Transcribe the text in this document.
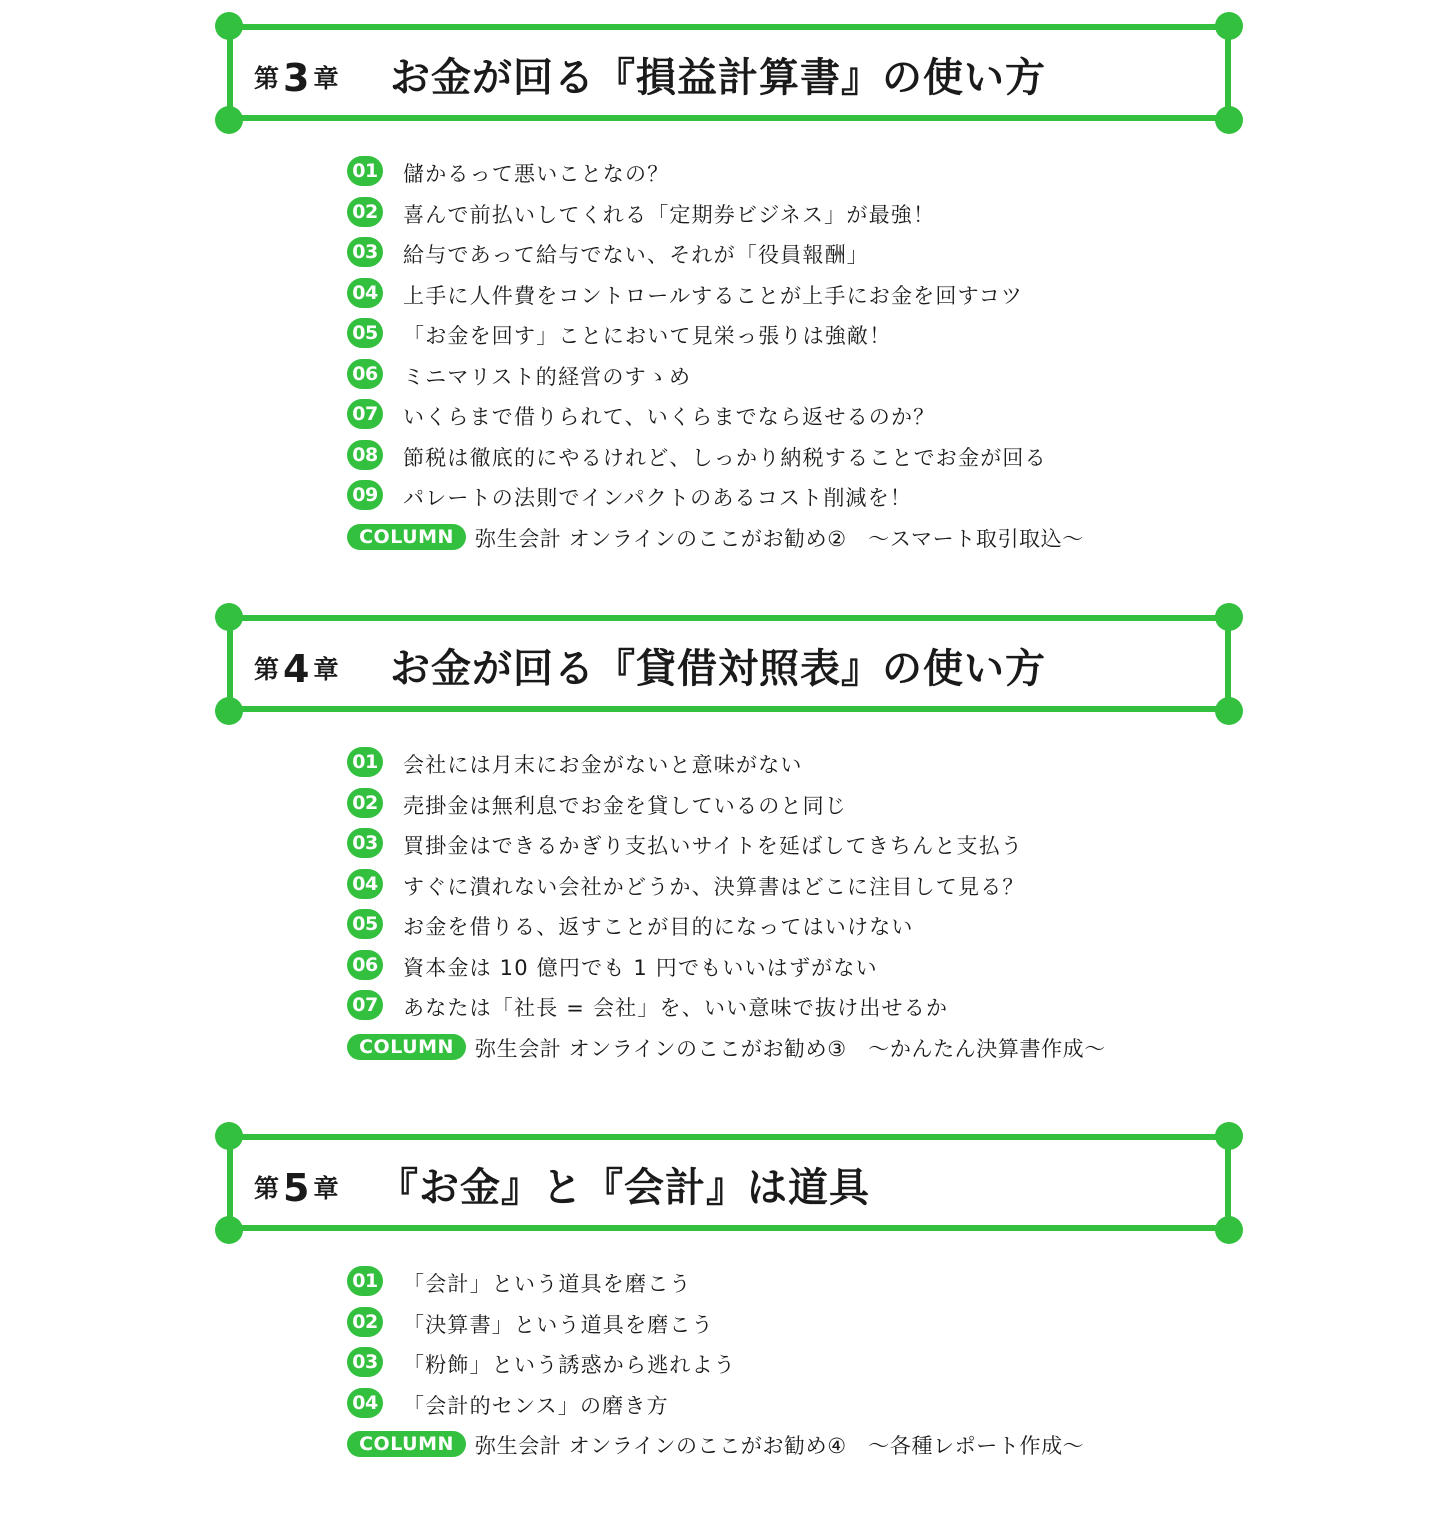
第 3 章 お金が回る『損益計算書』の使い方
01 儲かるって悪いことなの？
02 喜んで前払いしてくれる「定期券ビジネス」が最強！
03 給与であって給与でない、それが「役員報酬」
04 上手に人件費をコントロールすることが上手にお金を回すコツ
05 「お金を回す」ことにおいて見栄っ張りは強敵！
06 ミニマリスト的経営のすゝめ
07 いくらまで借りられて、いくらまでなら返せるのか？
08 節税は徹底的にやるけれど、しっかり納税することでお金が回る
09 パレートの法則でインパクトのあるコスト削減を！
COLUMN	弥生会計 オンラインのここがお勧め②　～スマート取引取込～
第 4 章 お金が回る『貸借対照表』の使い方
01 会社には月末にお金がないと意味がない
02 売掛金は無利息でお金を貸しているのと同じ
03 買掛金はできるかぎり支払いサイトを延ばしてきちんと支払う
04 すぐに潰れない会社かどうか、決算書はどこに注目して見る？
05 お金を借りる、返すことが目的になってはいけない
06 資本金は 10 億円でも 1 円でもいいはずがない
07 あなたは「社長 = 会社」を、いい意味で抜け出せるか
COLUMN	弥生会計 オンラインのここがお勧め③　～かんたん決算書作成～
第 5 章 『お金』と『会計』は道具
01 「会計」という道具を磨こう
02 「決算書」という道具を磨こう
03 「粉飾」という誘惑から逃れよう
04 「会計的センス」の磨き方
COLUMN	弥生会計 オンラインのここがお勧め④　～各種レポート作成～
